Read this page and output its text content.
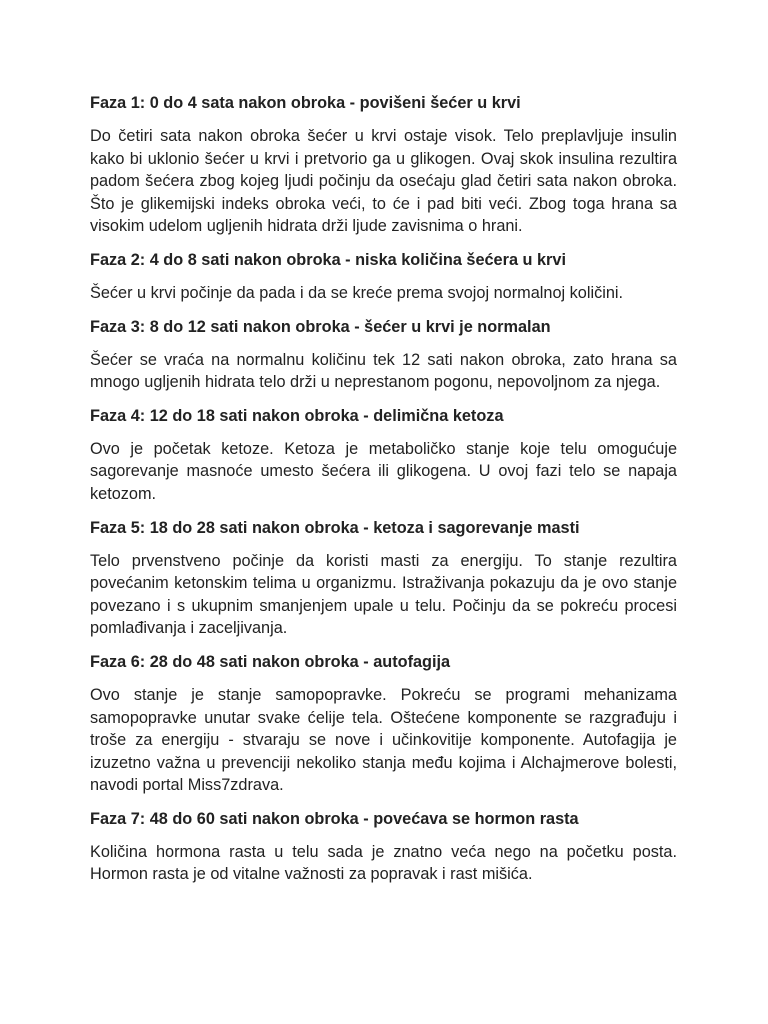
Faza 1: 0 do 4 sata nakon obroka - povišeni šećer u krvi
Do četiri sata nakon obroka šećer u krvi ostaje visok. Telo preplavljuje insulin kako bi uklonio šećer u krvi i pretvorio ga u glikogen. Ovaj skok insulina rezultira padom šećera zbog kojeg ljudi počinju da osećaju glad četiri sata nakon obroka. Što je glikemijski indeks obroka veći, to će i pad biti veći. Zbog toga hrana sa visokim udelom ugljenih hidrata drži ljude zavisnima o hrani.
Faza 2: 4 do 8 sati nakon obroka - niska količina šećera u krvi
Šećer u krvi počinje da pada i da se kreće prema svojoj normalnoj količini.
Faza 3: 8 do 12 sati nakon obroka - šećer u krvi je normalan
Šećer se vraća na normalnu količinu tek 12 sati nakon obroka, zato hrana sa mnogo ugljenih hidrata telo drži u neprestanom pogonu, nepovoljnom za njega.
Faza 4: 12 do 18 sati nakon obroka - delimična ketoza
Ovo je početak ketoze. Ketoza je metaboličko stanje koje telu omogućuje sagorevanje masnoće umesto šećera ili glikogena. U ovoj fazi telo se napaja ketozom.
Faza 5: 18 do 28 sati nakon obroka - ketoza i sagorevanje masti
Telo prvenstveno počinje da koristi masti za energiju. To stanje rezultira povećanim ketonskim telima u organizmu. Istraživanja pokazuju da je ovo stanje povezano i s ukupnim smanjenjem upale u telu. Počinju da se pokreću procesi pomlađivanja i zaceljivanja.
Faza 6: 28 do 48 sati nakon obroka - autofagija
Ovo stanje je stanje samopopravke. Pokreću se programi mehanizama samopopravke unutar svake ćelije tela. Oštećene komponente se razgrađuju i troše za energiju - stvaraju se nove i učinkovitije komponente. Autofagija je izuzetno važna u prevenciji nekoliko stanja među kojima i Alchajmerove bolesti, navodi portal Miss7zdrava.
Faza 7: 48 do 60 sati nakon obroka - povećava se hormon rasta
Količina hormona rasta u telu sada je znatno veća nego na početku posta. Hormon rasta je od vitalne važnosti za popravak i rast mišića.
